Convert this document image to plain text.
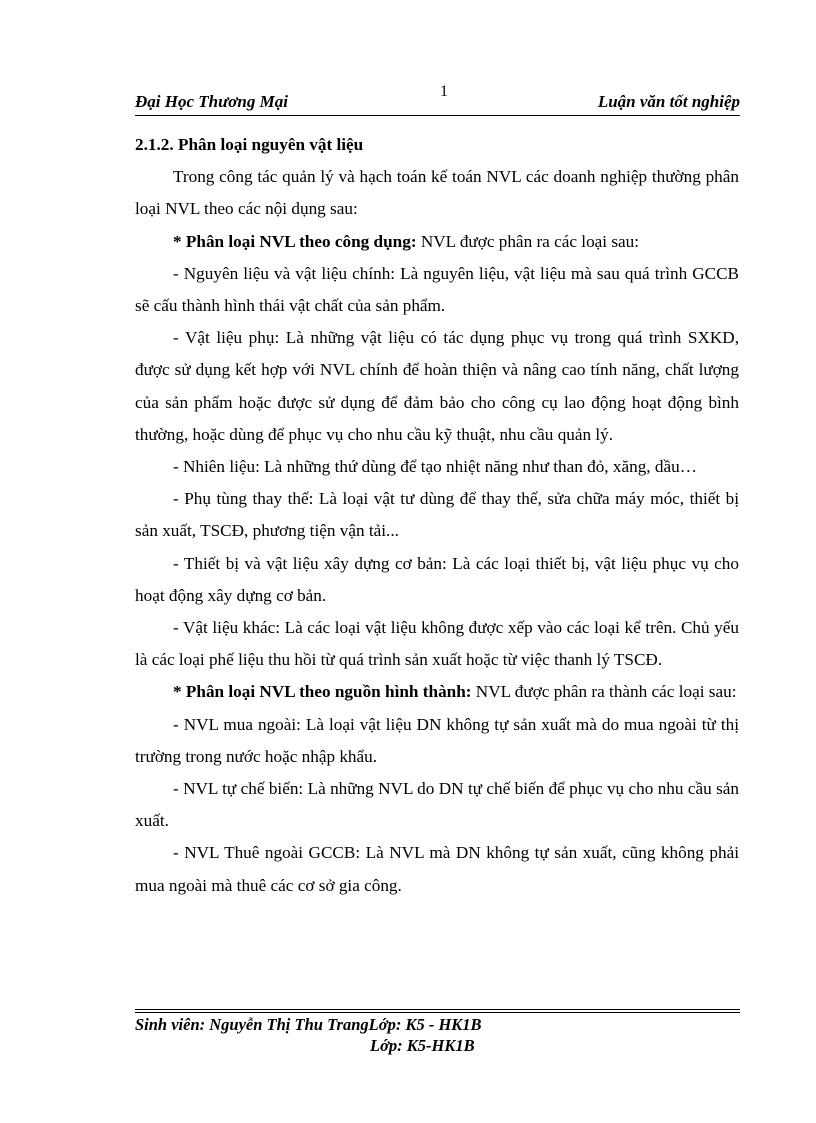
Đại Học Thương Mại
1
Luận văn tốt nghiệp

2.1.2. Phân loại nguyên vật liệu

Trong công tác quản lý và hạch toán kế toán NVL các doanh nghiệp thường phân loại NVL theo các nội dụng sau:

* Phân loại NVL theo công dụng: NVL được phân ra các loại sau:

- Nguyên liệu và vật liệu chính: Là nguyên liệu, vật liệu mà sau quá trình GCCB sẽ cấu thành hình thái vật chất của sản phẩm.

- Vật liệu phụ: Là những vật liệu có tác dụng phục vụ trong quá trình SXKD, được sử dụng kết hợp với NVL chính để hoàn thiện và nâng cao tính năng, chất lượng của sản phẩm hoặc được sử dụng để đảm bảo cho công cụ lao động hoạt động bình thường, hoặc dùng để phục vụ cho nhu cầu kỹ thuật, nhu cầu quản lý.

- Nhiên liệu: Là những thứ dùng để tạo nhiệt năng như than đỏ, xăng, dầu…

- Phụ tùng thay thế: Là loại vật tư dùng để thay thế, sửa chữa máy móc, thiết bị sản xuất, TSCĐ, phương tiện vận tải...

- Thiết bị và vật liệu xây dựng cơ bản: Là các loại thiết bị, vật liệu phục vụ cho hoạt động xây dựng cơ bản.

- Vật liệu khác: Là các loại vật liệu không được xếp vào các loại kể trên. Chủ yếu là các loại phế liệu thu hồi từ quá trình sản xuất hoặc từ việc thanh lý TSCĐ.

* Phân loại NVL theo nguồn hình thành: NVL được phân ra thành các loại sau:

- NVL mua ngoài: Là loại vật liệu DN không tự sản xuất mà do mua ngoài từ thị trường trong nước hoặc nhập khẩu.

- NVL tự chế biến: Là những NVL do DN tự chế biến để phục vụ cho nhu cầu sản xuất.

- NVL Thuê ngoài GCCB: Là NVL mà DN không tự sản xuất, cũng không phải mua ngoài mà thuê các cơ sở gia công.

Sinh viên: Nguyễn Thị Thu TrangLớp: K5 - HK1B
Lớp: K5-HK1B
